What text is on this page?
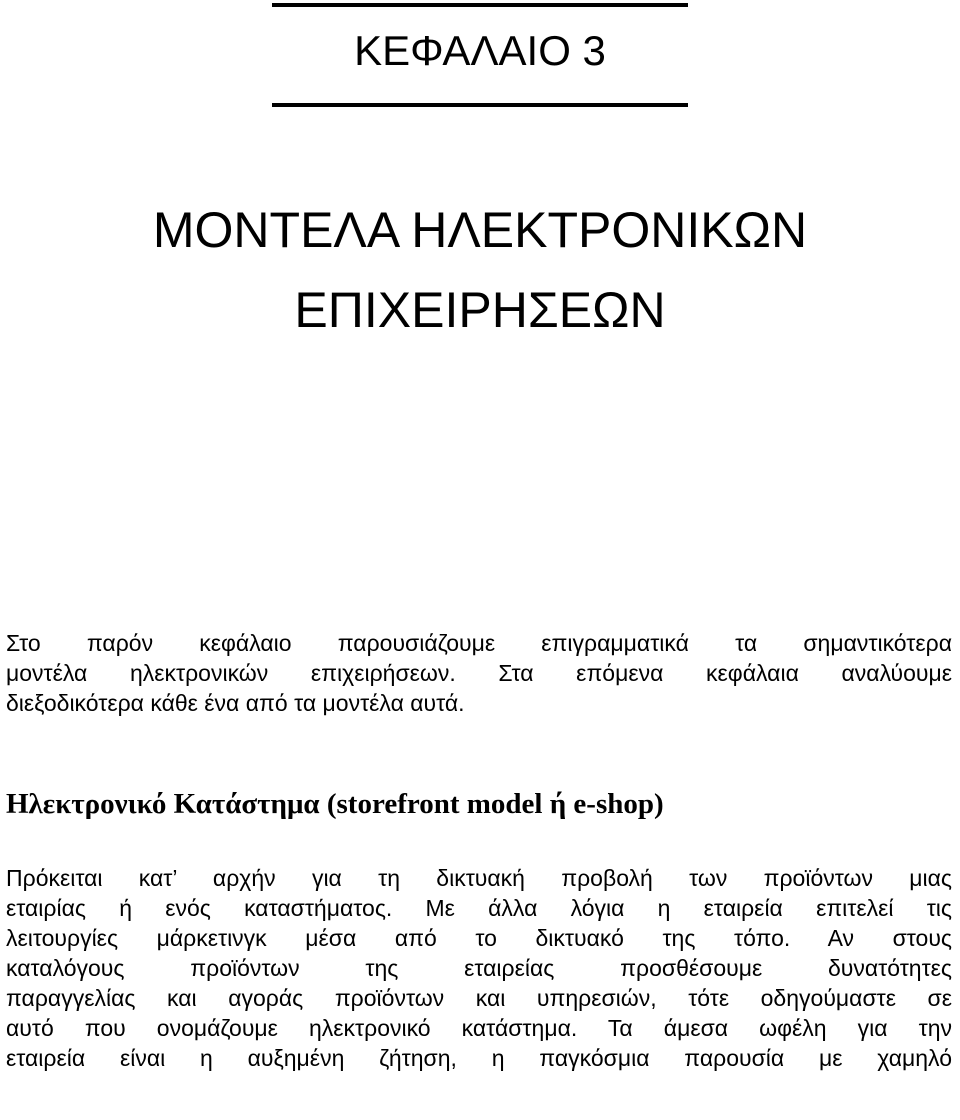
ΚΕΦΑΛΑΙΟ 3
ΜΟΝΤΕΛΑ ΗΛΕΚΤΡΟΝΙΚΩΝ
ΕΠΙΧΕΙΡΗΣΕΩΝ
Στο παρόν κεφάλαιο παρουσιάζουμε επιγραμματικά τα σημαντικότερα
μοντέλα ηλεκτρονικών επιχειρήσεων. Στα επόμενα κεφάλαια αναλύουμε
διεξοδικότερα κάθε ένα από τα μοντέλα αυτά.
Ηλεκτρονικό Κατάστημα (storefront model ή e-shop)
Πρόκειται κατ’ αρχήν για τη δικτυακή προβολή των προϊόντων μιας
εταιρίας ή ενός καταστήματος. Με άλλα λόγια η εταιρεία επιτελεί τις
λειτουργίες μάρκετινγκ μέσα από το δικτυακό της τόπο. Αν στους
καταλόγους προϊόντων της εταιρείας προσθέσουμε δυνατότητες
παραγγελίας και αγοράς προϊόντων και υπηρεσιών, τότε οδηγούμαστε σε
αυτό που ονομάζουμε ηλεκτρονικό κατάστημα. Τα άμεσα ωφέλη για την
εταιρεία είναι η αυξημένη ζήτηση, η παγκόσμια παρουσία με χαμηλό
